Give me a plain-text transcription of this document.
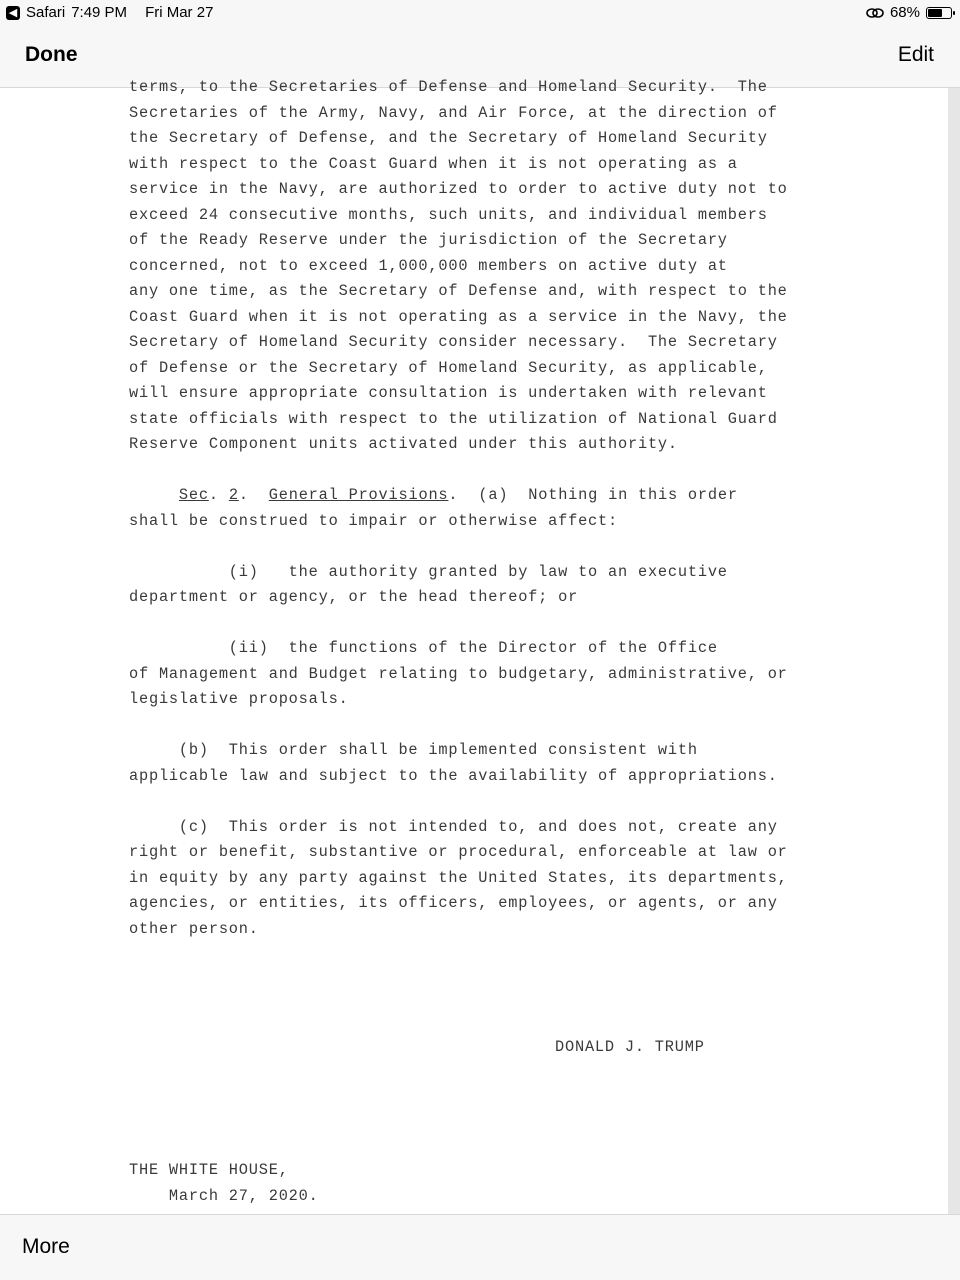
◀ Safari 7:49 PM Fri Mar 27	68%
Done	Edit

terms, to the Secretaries of Defense and Homeland Security.  The
Secretaries of the Army, Navy, and Air Force, at the direction of
the Secretary of Defense, and the Secretary of Homeland Security
with respect to the Coast Guard when it is not operating as a
service in the Navy, are authorized to order to active duty not to
exceed 24 consecutive months, such units, and individual members
of the Ready Reserve under the jurisdiction of the Secretary
concerned, not to exceed 1,000,000 members on active duty at
any one time, as the Secretary of Defense and, with respect to the
Coast Guard when it is not operating as a service in the Navy, the
Secretary of Homeland Security consider necessary.  The Secretary
of Defense or the Secretary of Homeland Security, as applicable,
will ensure appropriate consultation is undertaken with relevant
state officials with respect to the utilization of National Guard
Reserve Component units activated under this authority.

Sec. 2.  General Provisions.  (a)  Nothing in this order
shall be construed to impair or otherwise affect:

(i)   the authority granted by law to an executive
department or agency, or the head thereof; or

(ii)  the functions of the Director of the Office
of Management and Budget relating to budgetary, administrative, or
legislative proposals.

(b)  This order shall be implemented consistent with
applicable law and subject to the availability of appropriations.

(c)  This order is not intended to, and does not, create any
right or benefit, substantive or procedural, enforceable at law or
in equity by any party against the United States, its departments,
agencies, or entities, its officers, employees, or agents, or any
other person.

DONALD J. TRUMP
THE WHITE HOUSE,
March 27, 2020.
More
